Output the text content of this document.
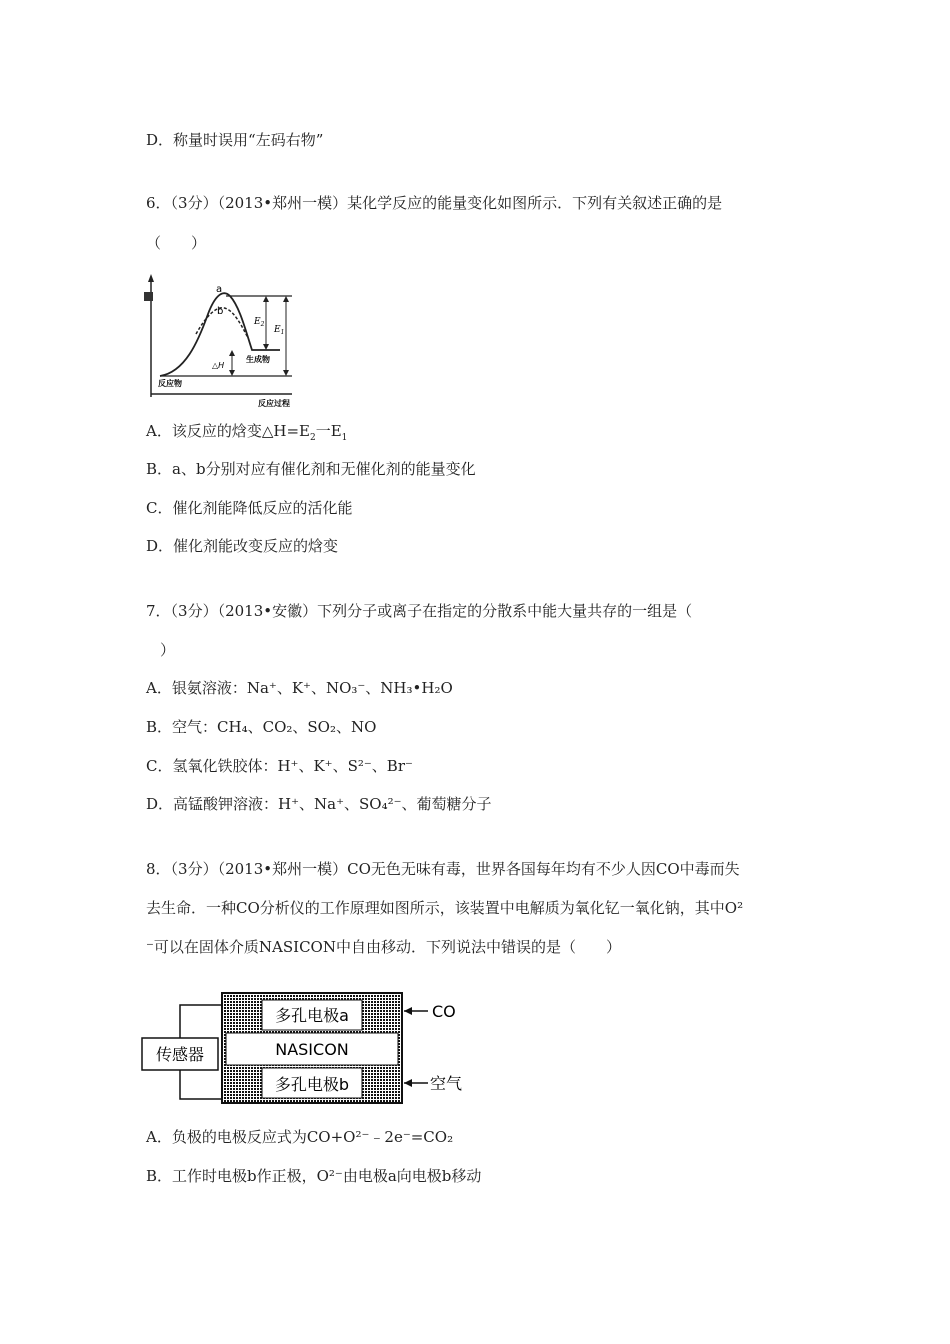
D．称量时误用“左码右物”
6．（3分）（2013•郑州一模）某化学反应的能量变化如图所示．下列有关叙述正确的是
（　　）
a
b
$E_2$
$E_1$
△H
生成物
反应物
反应过程
A．该反应的焓变$\triangle H=E_2$一$E_1$
B．a、b分别对应有催化剂和无催化剂的能量变化
C．催化剂能降低反应的活化能
D．催化剂能改变反应的焓变
7．（3分）（2013•安徽）下列分子或离子在指定的分散系中能大量共存的一组是（
）
A．银氨溶液：Na⁺、K⁺、NO₃⁻、NH₃•H₂O
B．空气：CH₄、CO₂、SO₂、NO
C．氢氧化铁胶体：H⁺、K⁺、S²⁻、Br⁻
D．高锰酸钾溶液：H⁺、Na⁺、SO₄²⁻、葡萄糖分子
8．（3分）（2013•郑州一模）CO无色无味有毒，世界各国每年均有不少人因CO中毒而失
去生命．一种CO分析仪的工作原理如图所示，该装置中电解质为氧化钇一氧化钠，其中O²
⁻可以在固体介质NASICON中自由移动．下列说法中错误的是（　　）
多孔电极a
NASICON
多孔电极b
传感器
CO
空气
A．负极的电极反应式为CO+O²⁻﹣2e⁻=CO₂
B．工作时电极b作正极，O²⁻由电极a向电极b移动
